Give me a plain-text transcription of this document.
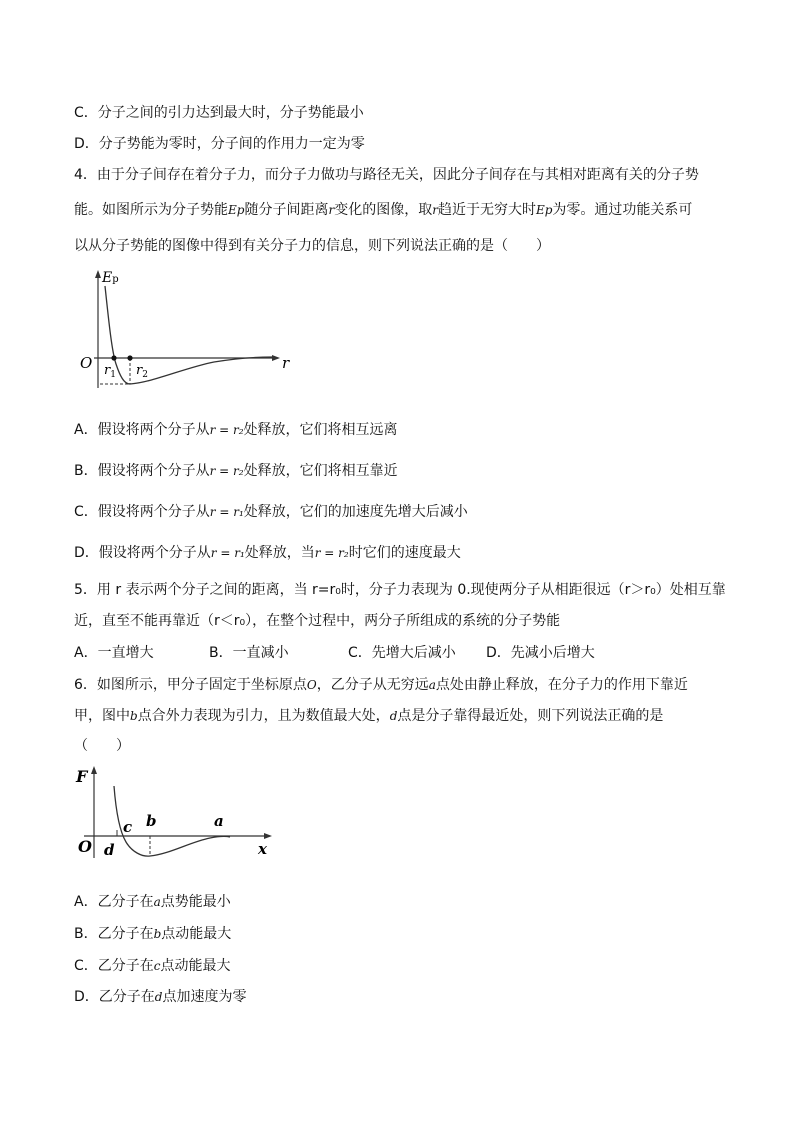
C．分子之间的引力达到最大时，分子势能最小
D．分子势能为零时，分子间的作用力一定为零
4．由于分子间存在着分子力，而分子力做功与路径无关，因此分子间存在与其相对距离有关的分子势
能。如图所示为分子势能Ep随分子间距离r变化的图像，取r趋近于无穷大时Ep为零。通过功能关系可
以从分子势能的图像中得到有关分子力的信息，则下列说法正确的是（　　）
Ep
O	r
$r_1$ $r_2$
A．假设将两个分子从r = r₂处释放，它们将相互远离
B．假设将两个分子从r = r₂处释放，它们将相互靠近
C．假设将两个分子从r = r₁处释放，它们的加速度先增大后减小
D．假设将两个分子从r = r₁处释放，当r = r₂时它们的速度最大
5．用 r 表示两个分子之间的距离，当 r=r₀时，分子力表现为 0.现使两分子从相距很远（r＞r₀）处相互靠
近，直至不能再靠近（r＜r₀），在整个过程中，两分子所组成的系统的分子势能
A．一直增大	B．一直减小	C．先增大后减小 D．先减小后增大
6．如图所示，甲分子固定于坐标原点O，乙分子从无穷远a点处由静止释放，在分子力的作用下靠近
甲，图中b点合外力表现为引力，且为数值最大处，d点是分子靠得最近处，则下列说法正确的是
（　　）
F
O	x
c b	a
d
A．乙分子在a点势能最小
B．乙分子在b点动能最大
C．乙分子在c点动能最大
D．乙分子在d点加速度为零
